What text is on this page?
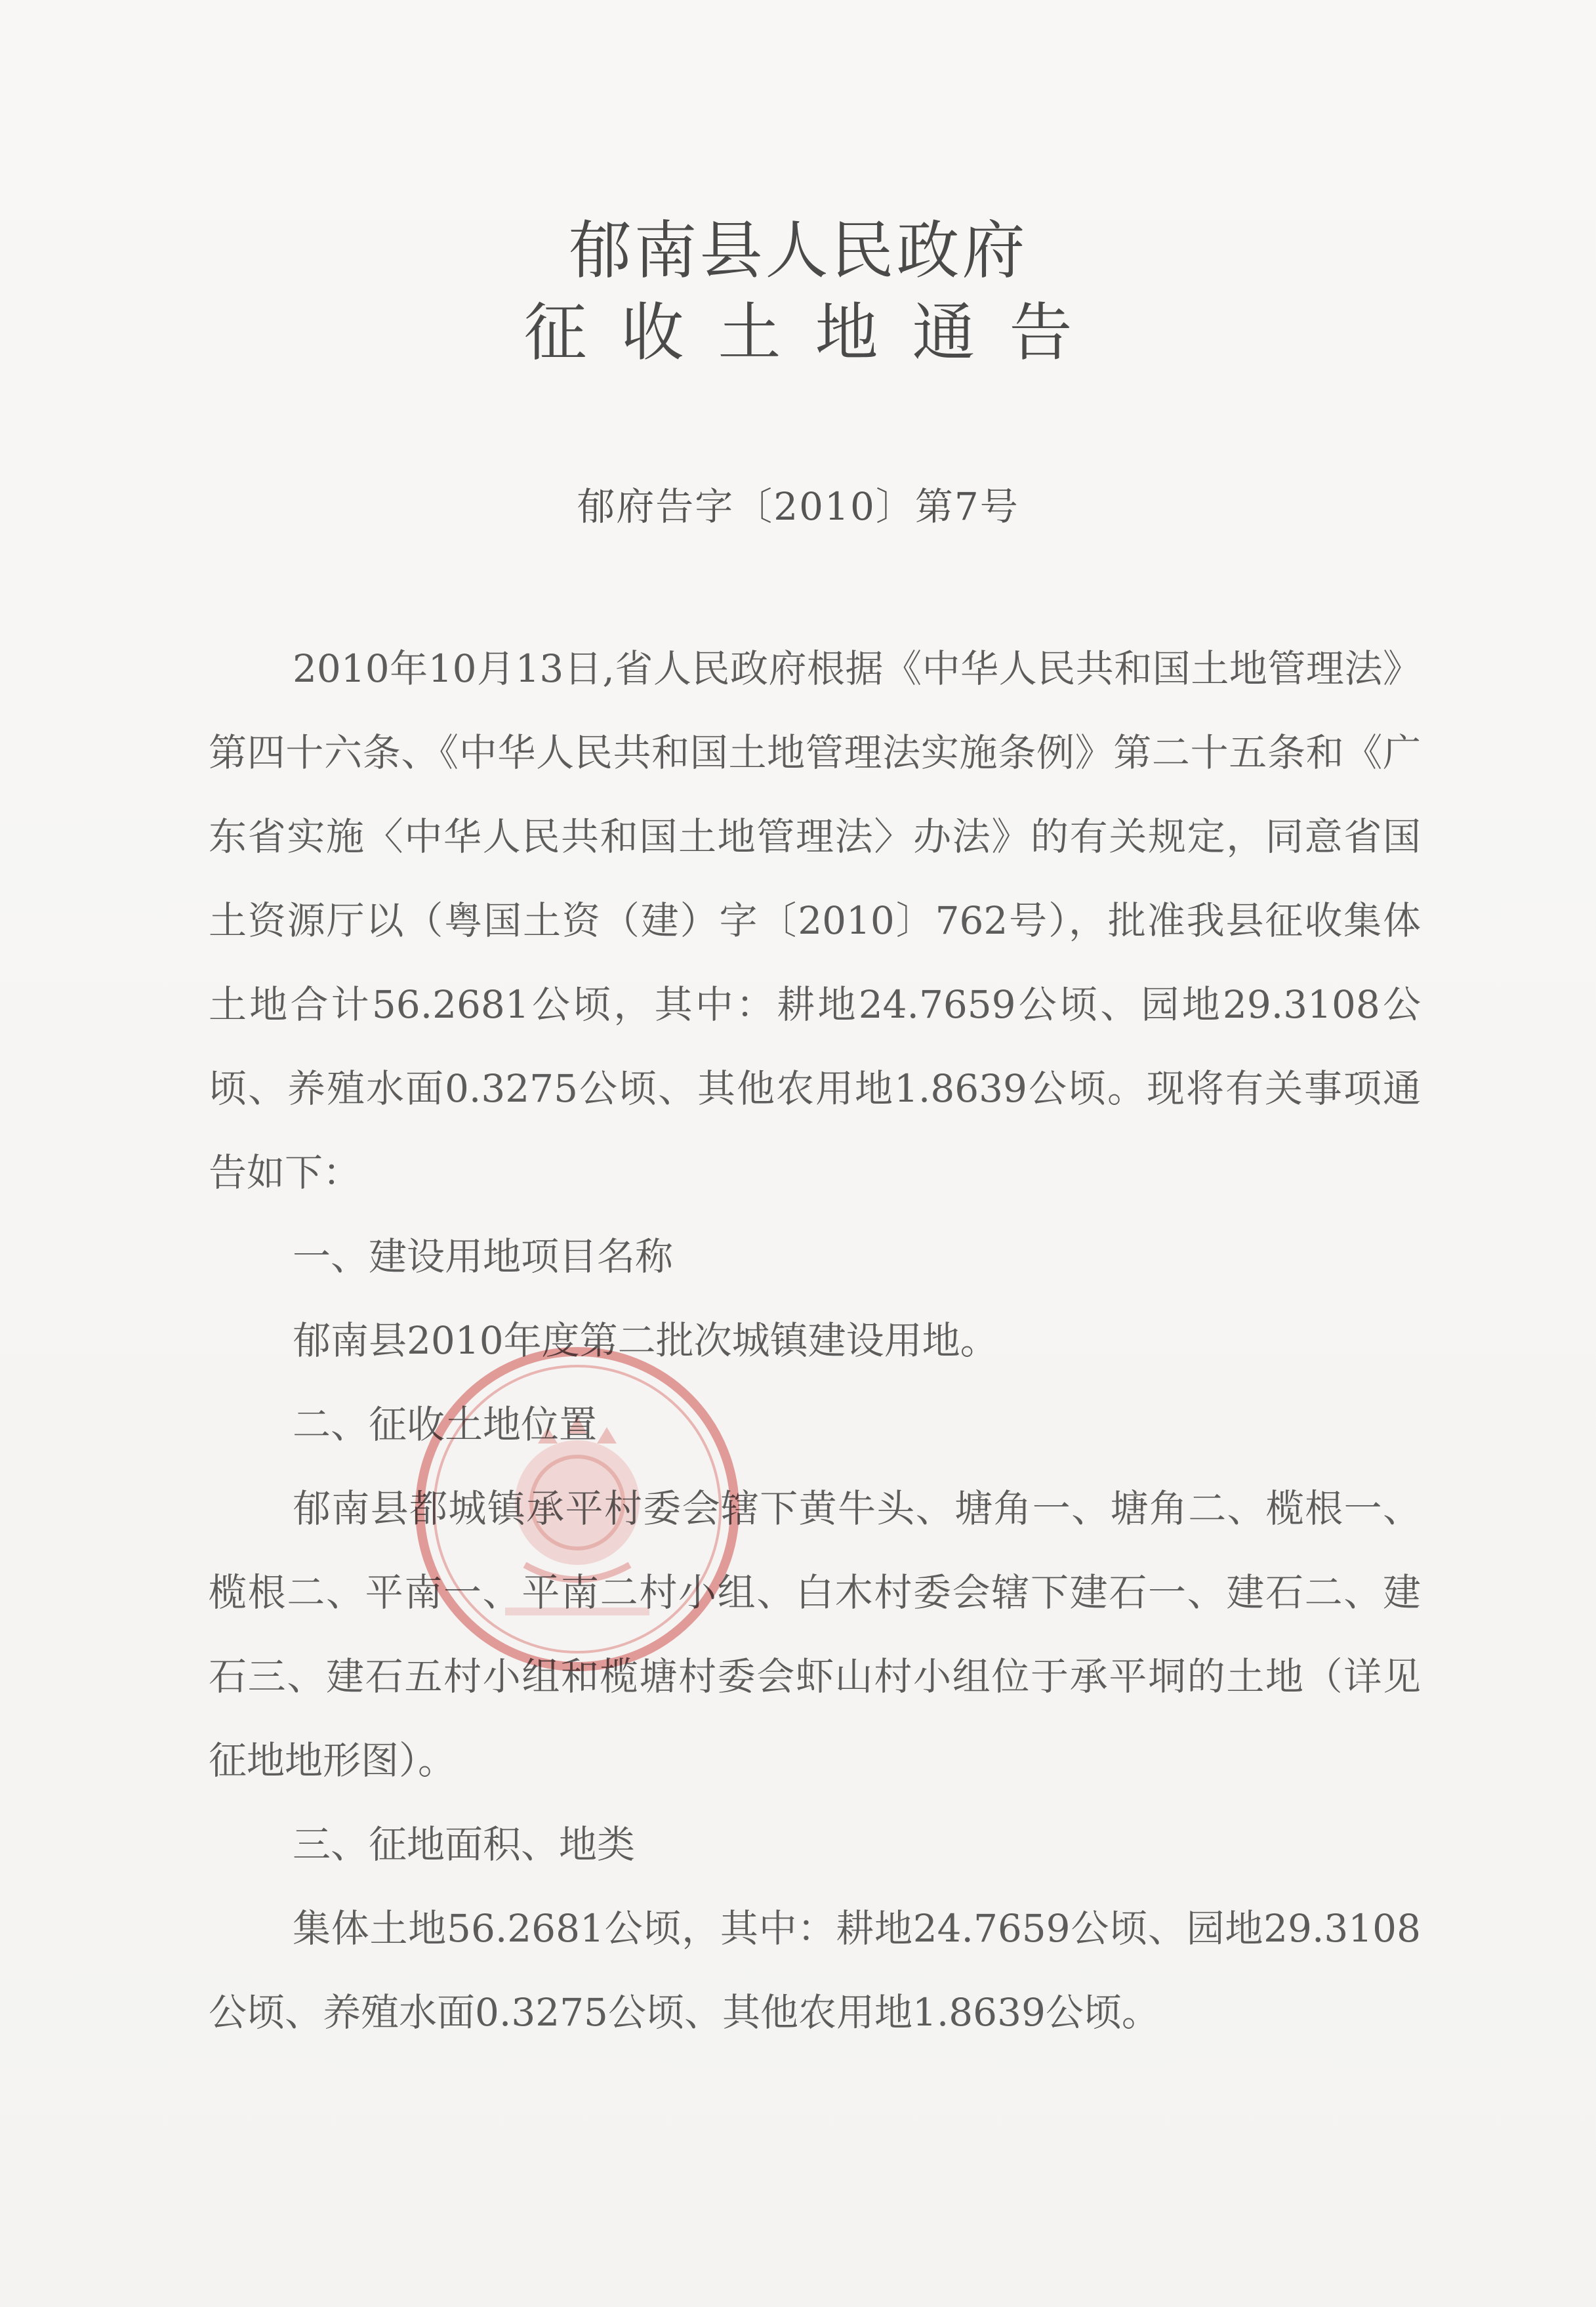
郁南县人民政府
征收土地通告
郁府告字〔2010〕第7号

2010年10月13日,省人民政府根据《中华人民共和国土地管理法》第四十六条、《中华人民共和国土地管理法实施条例》第二十五条和《广东省实施〈中华人民共和国土地管理法〉办法》的有关规定，同意省国土资源厅以（粤国土资（建）字〔2010〕762号），批准我县征收集体土地合计56.2681公顷，其中：耕地24.7659公顷、园地29.3108公顷、养殖水面0.3275公顷、其他农用地1.8639公顷。现将有关事项通告如下：

一、建设用地项目名称

郁南县2010年度第二批次城镇建设用地。

二、征收土地位置

郁南县都城镇承平村委会辖下黄牛头、塘角一、塘角二、榄根一、榄根二、平南一、平南二村小组、白木村委会辖下建石一、建石二、建石三、建石五村小组和榄塘村委会虾山村小组位于承平垌的土地（详见征地地形图）。

三、征地面积、地类

集体土地56.2681公顷，其中：耕地24.7659公顷、园地29.3108公顷、养殖水面0.3275公顷、其他农用地1.8639公顷。
